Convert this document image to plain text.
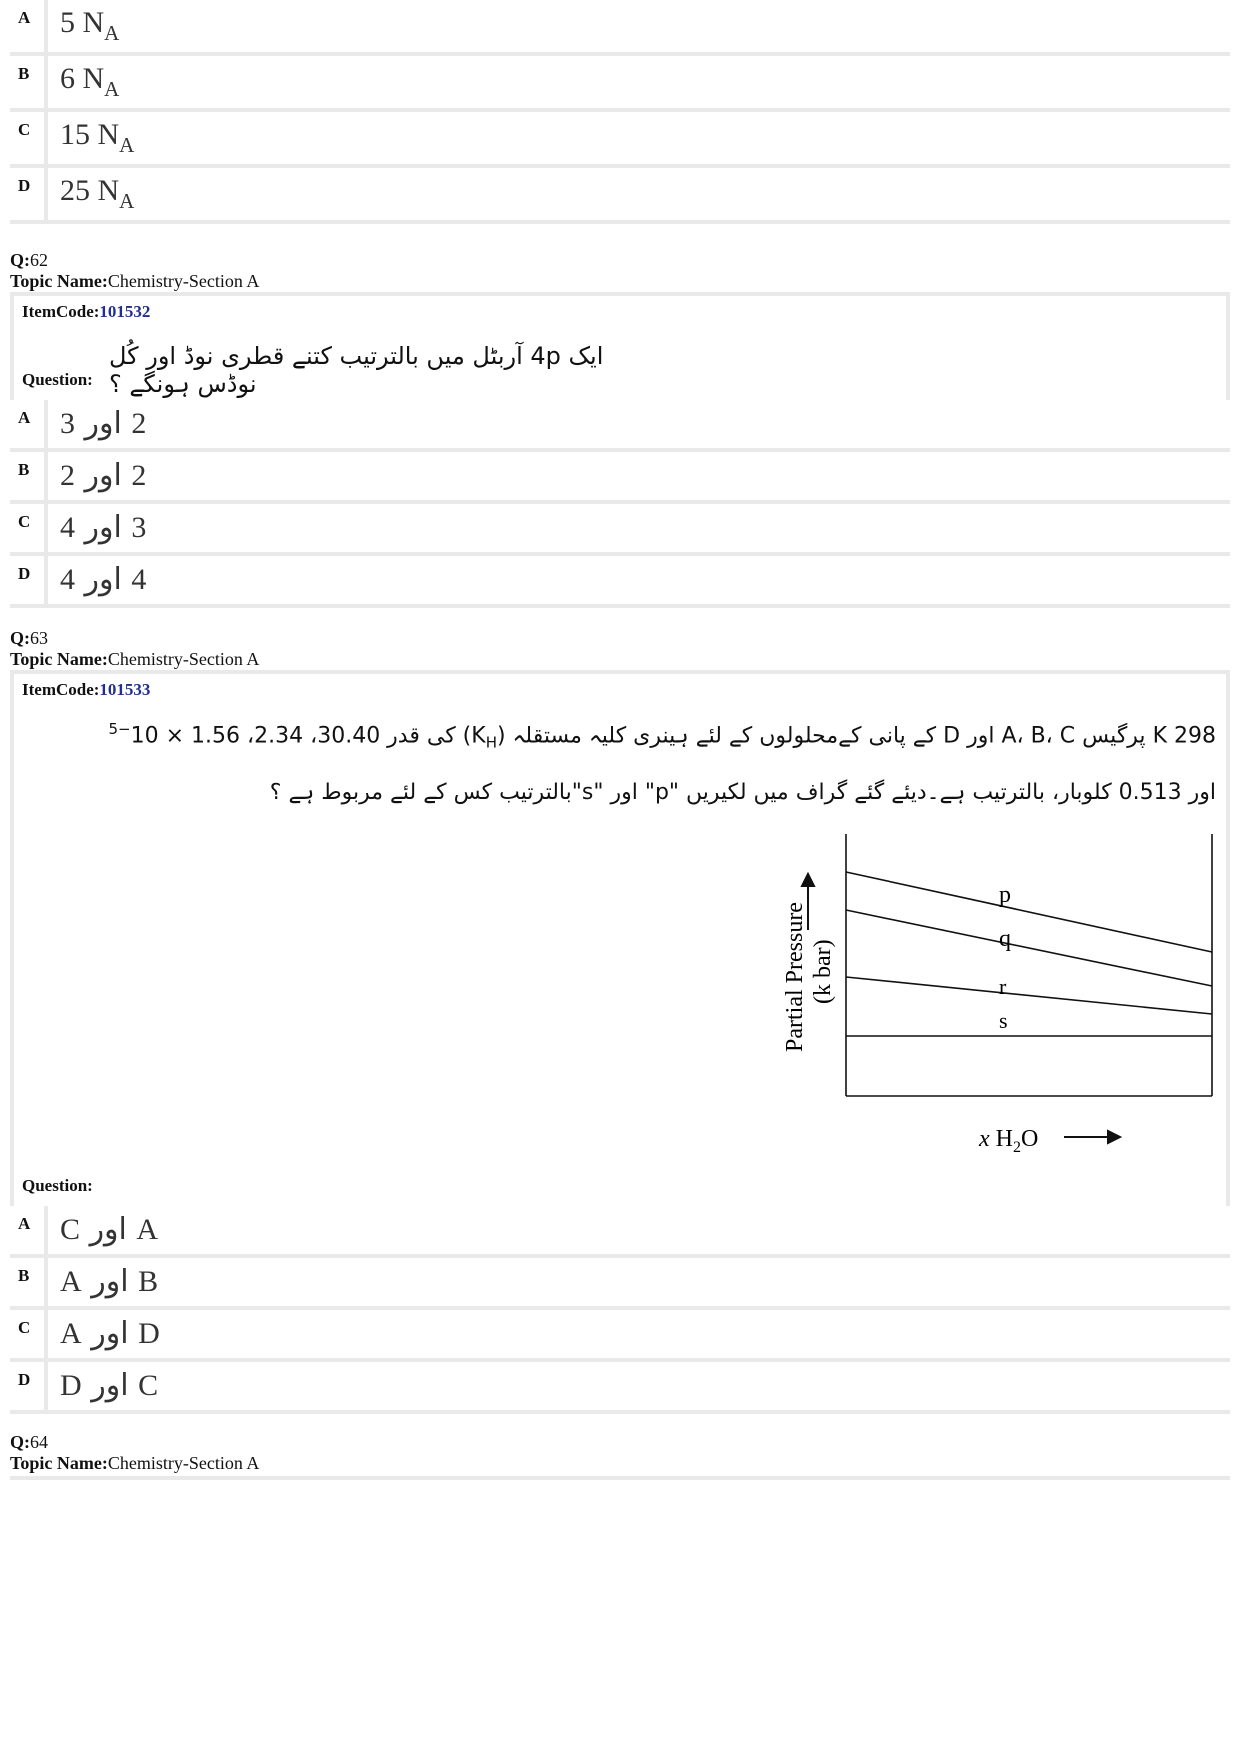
A	5 $N_A$
B	6 $N_A$
C	15 $N_A$
D	25 $N_A$
Q:62
Topic Name:Chemistry-Section A
ItemCode:101532
Question:
ایک 4p آربٹل میں بالترتیب کتنے قطری نوڈ اور کُل نوڈس ہونگے ؟
A	2 اور 3
B	2 اور 2
C	3 اور 4
D	4 اور 4
Q:63
Topic Name:Chemistry-Section A
ItemCode:101533
298 K پرگیس A، B، C اور D کے پانی کےمحلولوں کے لئے ہینری کلیہ مستقلہ $(K_H)$ کی قدر 30.40، 2.34، $1.56 \times 10^{-5}$
اور 0.513 کلوبار، بالترتیب ہے۔دیئے گئے گراف میں لکیریں "p" اور "s"بالترتیب کس کے لئے مربوط ہے ؟
p
q
r
s
Partial Pressure (k bar)
x $H_2O$
Question:
A	A اور C
B	B اور A
C	D اور A
D	C اور D
Q:64
Topic Name:Chemistry-Section A
